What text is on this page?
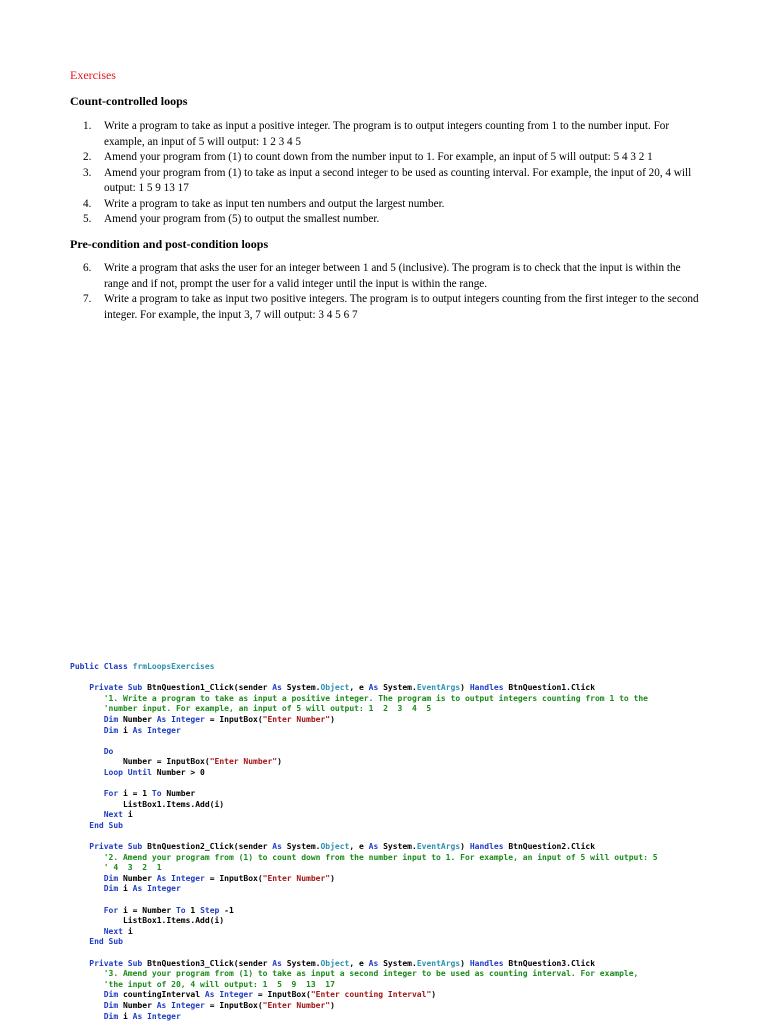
Exercises
Count-controlled loops
1.	Write a program to take as input a positive integer. The program is to output integers counting from 1 to the number input. For example, an input of 5 will output: 1 2 3 4 5
2.	Amend your program from (1) to count down from the number input to 1. For example, an input of 5 will output: 5 4 3 2 1
3.	Amend your program from (1) to take as input a second integer to be used as counting interval. For example, the input of 20, 4 will output: 1 5 9 13 17
4.	Write a program to take as input ten numbers and output the largest number.
5.	Amend your program from (5) to output the smallest number.
Pre-condition and post-condition loops
6.	Write a program that asks the user for an integer between 1 and 5 (inclusive). The program is to check that the input is within the range and if not, prompt the user for a valid integer until the input is within the range.
7.	Write a program to take as input two positive integers. The program is to output integers counting from the first integer to the second integer. For example, the input 3, 7 will output: 3 4 5 6 7
Public Class frmLoopsExercises

Private Sub BtnQuestion1_Click(sender As System.Object, e As System.EventArgs) Handles BtnQuestion1.Click
'1. Write a program to take as input a positive integer. The program is to output integers counting from 1 to the
'number input. For example, an input of 5 will output: 1  2  3  4  5
Dim Number As Integer = InputBox("Enter Number")
Dim i As Integer

Do
Number = InputBox("Enter Number")
Loop Until Number > 0

For i = 1 To Number
ListBox1.Items.Add(i)
Next i
End Sub

Private Sub BtnQuestion2_Click(sender As System.Object, e As System.EventArgs) Handles BtnQuestion2.Click
'2. Amend your program from (1) to count down from the number input to 1. For example, an input of 5 will output: 5
' 4  3  2  1
Dim Number As Integer = InputBox("Enter Number")
Dim i As Integer

For i = Number To 1 Step -1
ListBox1.Items.Add(i)
Next i
End Sub

Private Sub BtnQuestion3_Click(sender As System.Object, e As System.EventArgs) Handles BtnQuestion3.Click
'3. Amend your program from (1) to take as input a second integer to be used as counting interval. For example,
'the input of 20, 4 will output: 1  5  9  13  17
Dim countingInterval As Integer = InputBox("Enter counting Interval")
Dim Number As Integer = InputBox("Enter Number")
Dim i As Integer
